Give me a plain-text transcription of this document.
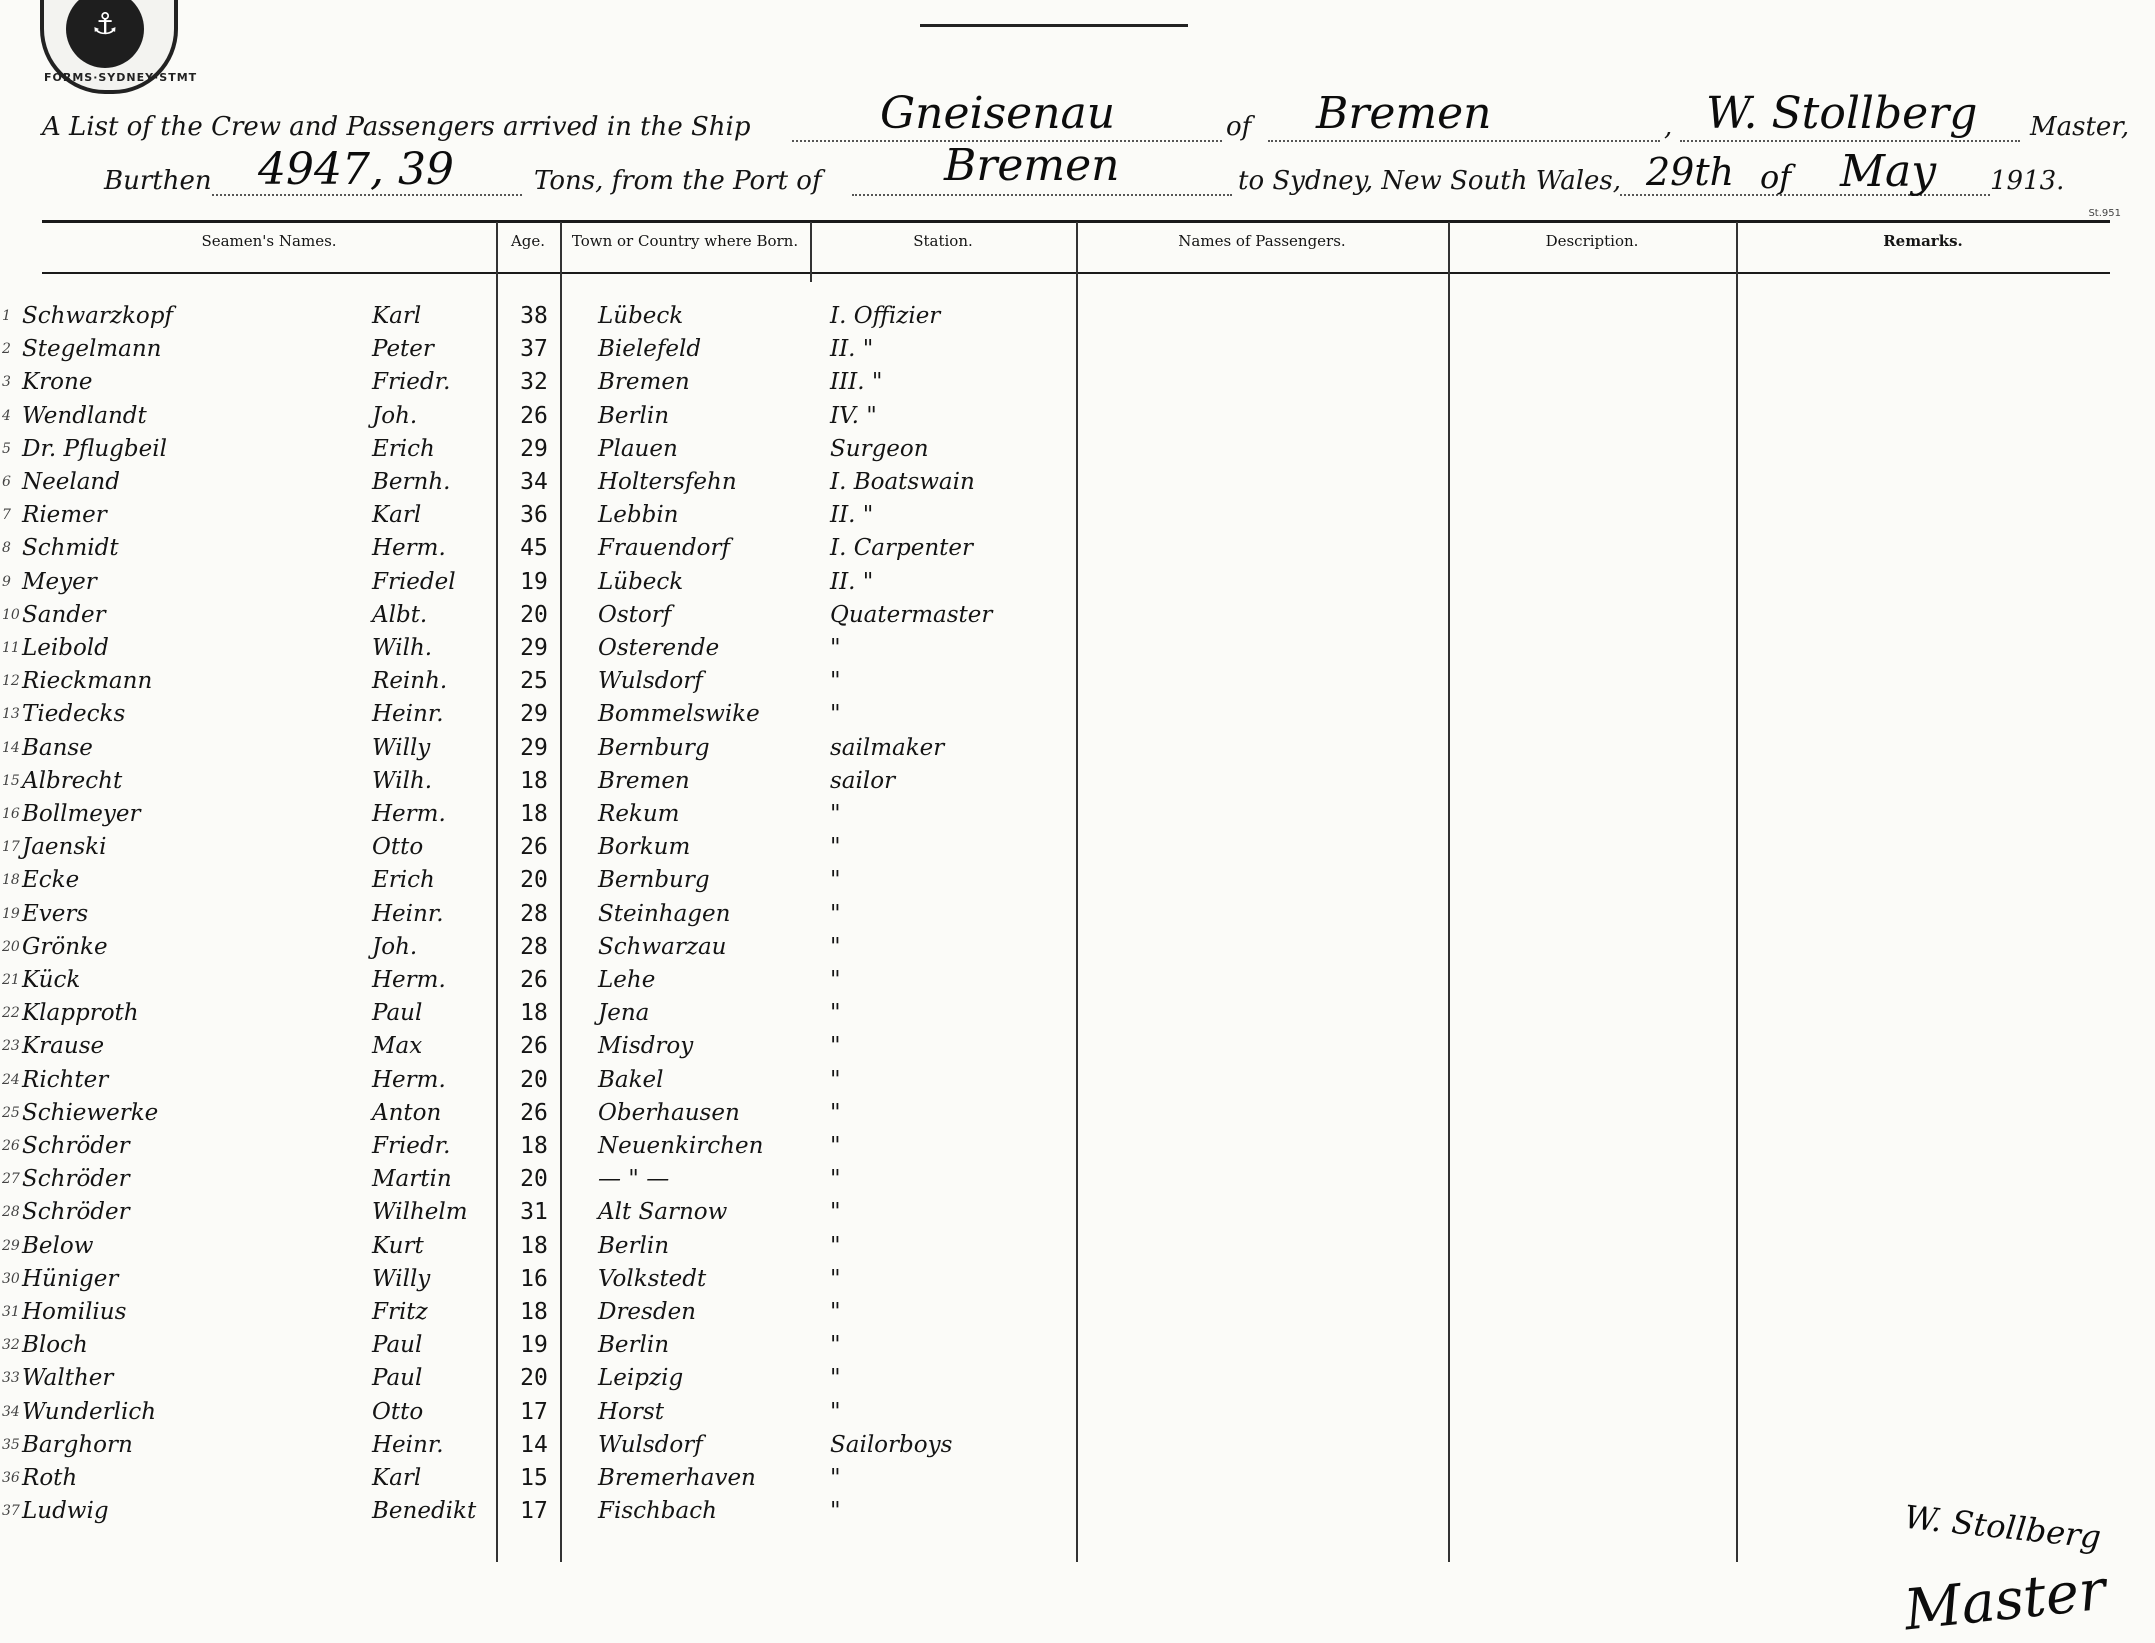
⚓
FORMS·SYDNEY·STMT
A List of the Crew and Passengers arrived in the Ship	Gneisenau	of Bremen	, W. Stollberg Master,
Burthen 4947, 39	Tons, from the Port of	Bremen	to Sydney, New South Wales, 29th of May 1913.
St.951
Seamen's Names.	Age.	Town or Country where Born.	Station.	Names of Passengers.	Description.	Remarks.
1 Schwarzkopf	Karl	38	Lübeck	I. Offizier
2 Stegelmann	Peter	37	Bielefeld	II. "
3 Krone	Friedr.	32	Bremen	III. "
4 Wendlandt	Joh.	26	Berlin	IV. "
5 Dr. Pflugbeil	Erich	29	Plauen	Surgeon
6 Neeland	Bernh.	34	Holtersfehn	I. Boatswain
7 Riemer	Karl	36	Lebbin	II. "
8 Schmidt	Herm.	45	Frauendorf	I. Carpenter
9 Meyer	Friedel	19	Lübeck	II. "
10 Sander	Albt.	20	Ostorf	Quatermaster
11 Leibold	Wilh.	29	Osterende	"
12 Rieckmann	Reinh.	25	Wulsdorf	"
13 Tiedecks	Heinr.	29	Bommelswike	"
14 Banse	Willy	29	Bernburg	sailmaker
15 Albrecht	Wilh.	18	Bremen	sailor
16 Bollmeyer	Herm.	18	Rekum	"
17 Jaenski	Otto	26	Borkum	"
18 Ecke	Erich	20	Bernburg	"
19 Evers	Heinr.	28	Steinhagen	"
20 Grönke	Joh.	28	Schwarzau	"
21 Kück	Herm.	26	Lehe	"
22 Klapproth	Paul	18	Jena	"
23 Krause	Max	26	Misdroy	"
24 Richter	Herm.	20	Bakel	"
25 Schiewerke	Anton	26	Oberhausen	"
26 Schröder	Friedr.	18	Neuenkirchen	"
27 Schröder	Martin	20	— " —	"
28 Schröder	Wilhelm	31	Alt Sarnow	"
29 Below	Kurt	18	Berlin	"
30 Hüniger	Willy	16	Volkstedt	"
31 Homilius	Fritz	18	Dresden	"
32 Bloch	Paul	19	Berlin	"
33 Walther	Paul	20	Leipzig	"
34 Wunderlich	Otto	17	Horst	"
35 Barghorn	Heinr.	14	Wulsdorf	Sailorboys
36 Roth	Karl	15	Bremerhaven	"
37 Ludwig	Benedikt	17	Fischbach	"	W. Stollberg
Master
